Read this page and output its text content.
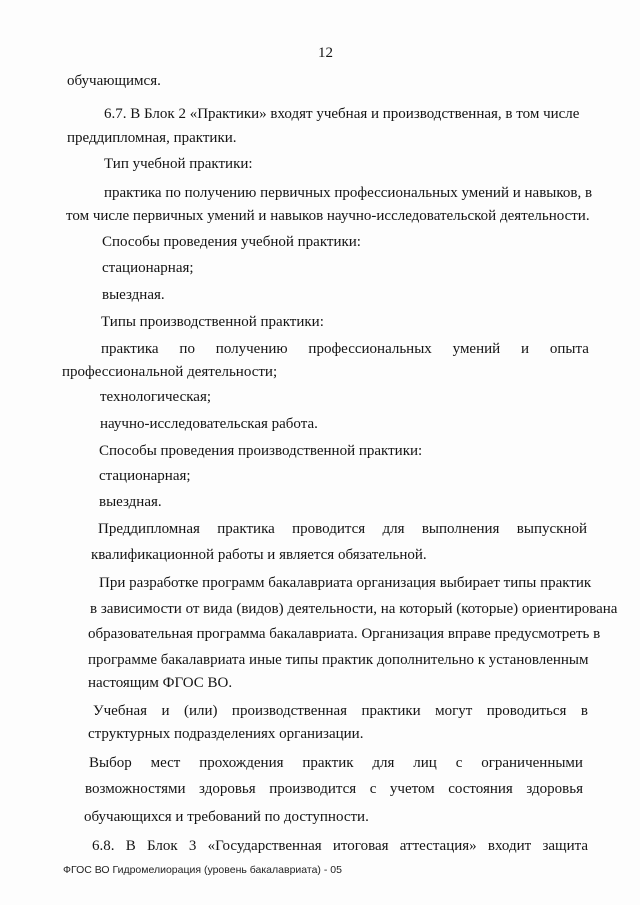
12
обучающимся.
6.7. В Блок 2 «Практики» входят учебная и производственная, в том числе
преддипломная, практики.
Тип учебной практики:
практика по получению первичных профессиональных умений и навыков, в
том числе первичных умений и навыков научно-исследовательской деятельности.
Способы проведения учебной практики:
стационарная;
выездная.
Типы производственной практики:
практика по получению профессиональных умений и опыта
профессиональной деятельности;
технологическая;
научно-исследовательская работа.
Способы проведения производственной практики:
стационарная;
выездная.
Преддипломная практика проводится для выполнения выпускной
квалификационной работы и является обязательной.
При разработке программ бакалавриата организация выбирает типы практик
в зависимости от вида (видов) деятельности, на который (которые) ориентирована
образовательная программа бакалавриата. Организация вправе предусмотреть в
программе бакалавриата иные типы практик дополнительно к установленным
настоящим ФГОС ВО.
Учебная и (или) производственная практики могут проводиться в
структурных подразделениях организации.
Выбор мест прохождения практик для лиц с ограниченными
возможностями здоровья производится с учетом состояния здоровья
обучающихся и требований по доступности.
6.8. В Блок 3 «Государственная итоговая аттестация» входит защита
ФГОС ВО Гидромелиорация (уровень бакалавриата) - 05
